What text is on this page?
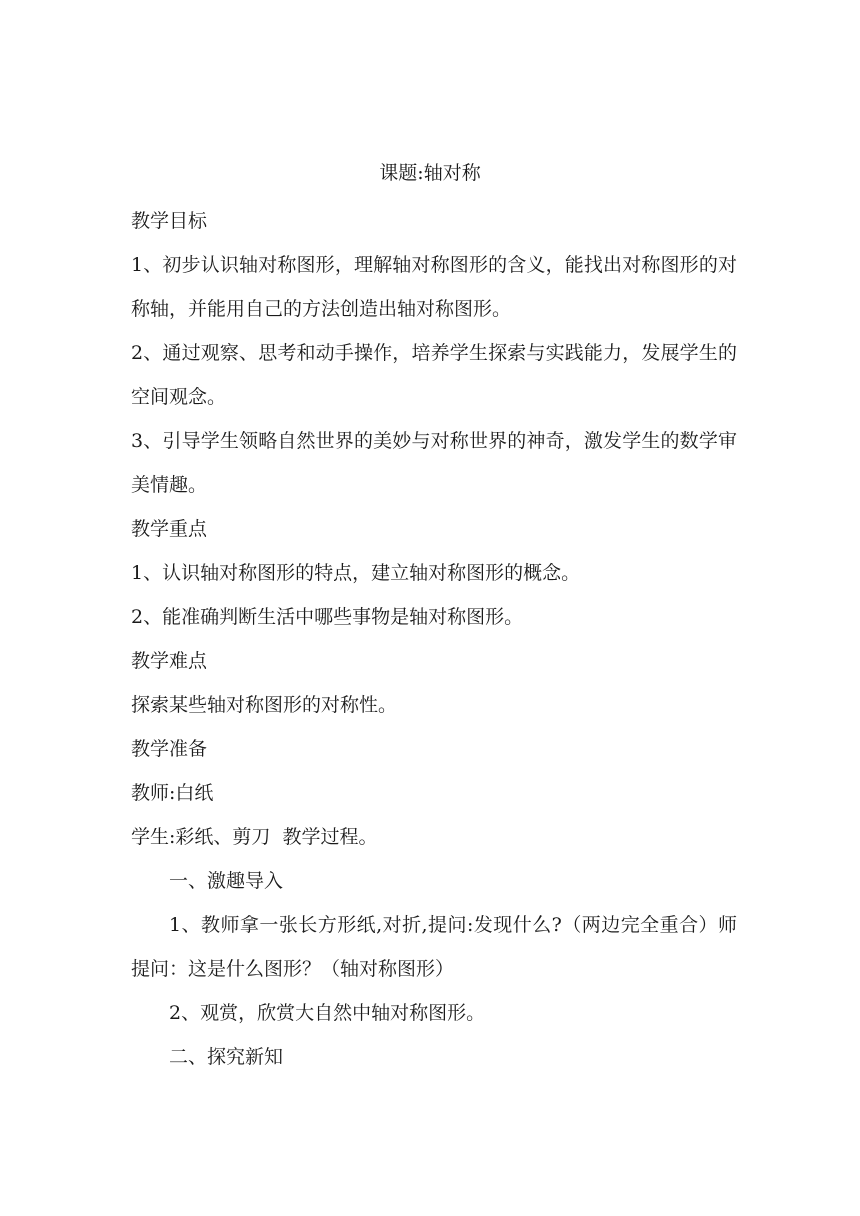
课题:轴对称

教学目标

1、初步认识轴对称图形，理解轴对称图形的含义，能找出对称图形的对称轴，并能用自己的方法创造出轴对称图形。

2、通过观察、思考和动手操作，培养学生探索与实践能力，发展学生的空间观念。

3、引导学生领略自然世界的美妙与对称世界的神奇，激发学生的数学审美情趣。

教学重点

1、认识轴对称图形的特点，建立轴对称图形的概念。

2、能准确判断生活中哪些事物是轴对称图形。

教学难点

探索某些轴对称图形的对称性。

教学准备

教师:白纸

学生:彩纸、剪刀  教学过程。

一、激趣导入

1、教师拿一张长方形纸,对折,提问:发现什么?（两边完全重合）师提问：这是什么图形？（轴对称图形）

2、观赏，欣赏大自然中轴对称图形。

二、探究新知
